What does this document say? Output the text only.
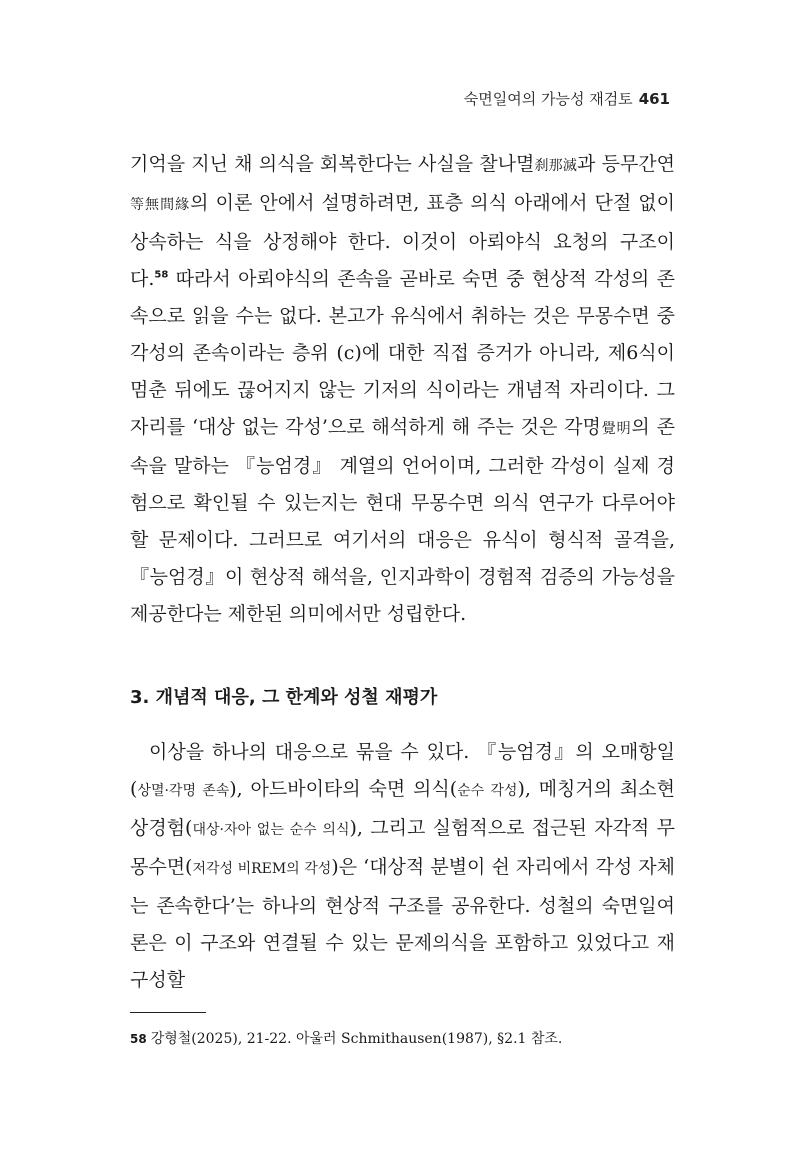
숙면일여의 가능성 재검토 461

기억을 지닌 채 의식을 회복한다는 사실을 찰나멸刹那滅과 등무간연等無間緣의 이론 안에서 설명하려면, 표층 의식 아래에서 단절 없이 상속하는 식을 상정해야 한다. 이것이 아뢰야식 요청의 구조이다.$^{58}$ 따라서 아뢰야식의 존속을 곧바로 숙면 중 현상적 각성의 존속으로 읽을 수는 없다. 본고가 유식에서 취하는 것은 무몽수면 중 각성의 존속이라는 층위 (c)에 대한 직접 증거가 아니라, 제6식이 멈춘 뒤에도 끊어지지 않는 기저의 식이라는 개념적 자리이다. 그 자리를 ‘대상 없는 각성’으로 해석하게 해 주는 것은 각명覺明의 존속을 말하는 『능엄경』 계열의 언어이며, 그러한 각성이 실제 경험으로 확인될 수 있는지는 현대 무몽수면 의식 연구가 다루어야 할 문제이다. 그러므로 여기서의 대응은 유식이 형식적 골격을, 『능엄경』이 현상적 해석을, 인지과학이 경험적 검증의 가능성을 제공한다는 제한된 의미에서만 성립한다.

3. 개념적 대응, 그 한계와 성철 재평가

이상을 하나의 대응으로 묶을 수 있다. 『능엄경』의 오매항일(상멸·각명 존속), 아드바이타의 숙면 의식(순수 각성), 메칭거의 최소현상경험(대상·자아 없는 순수 의식), 그리고 실험적으로 접근된 자각적 무몽수면(저각성 비REM의 각성)은 ‘대상적 분별이 쉰 자리에서 각성 자체는 존속한다’는 하나의 현상적 구조를 공유한다. 성철의 숙면일여론은 이 구조와 연결될 수 있는 문제의식을 포함하고 있었다고 재구성할

58 강형철(2025), 21-22. 아울러 Schmithausen(1987), §2.1 참조.
